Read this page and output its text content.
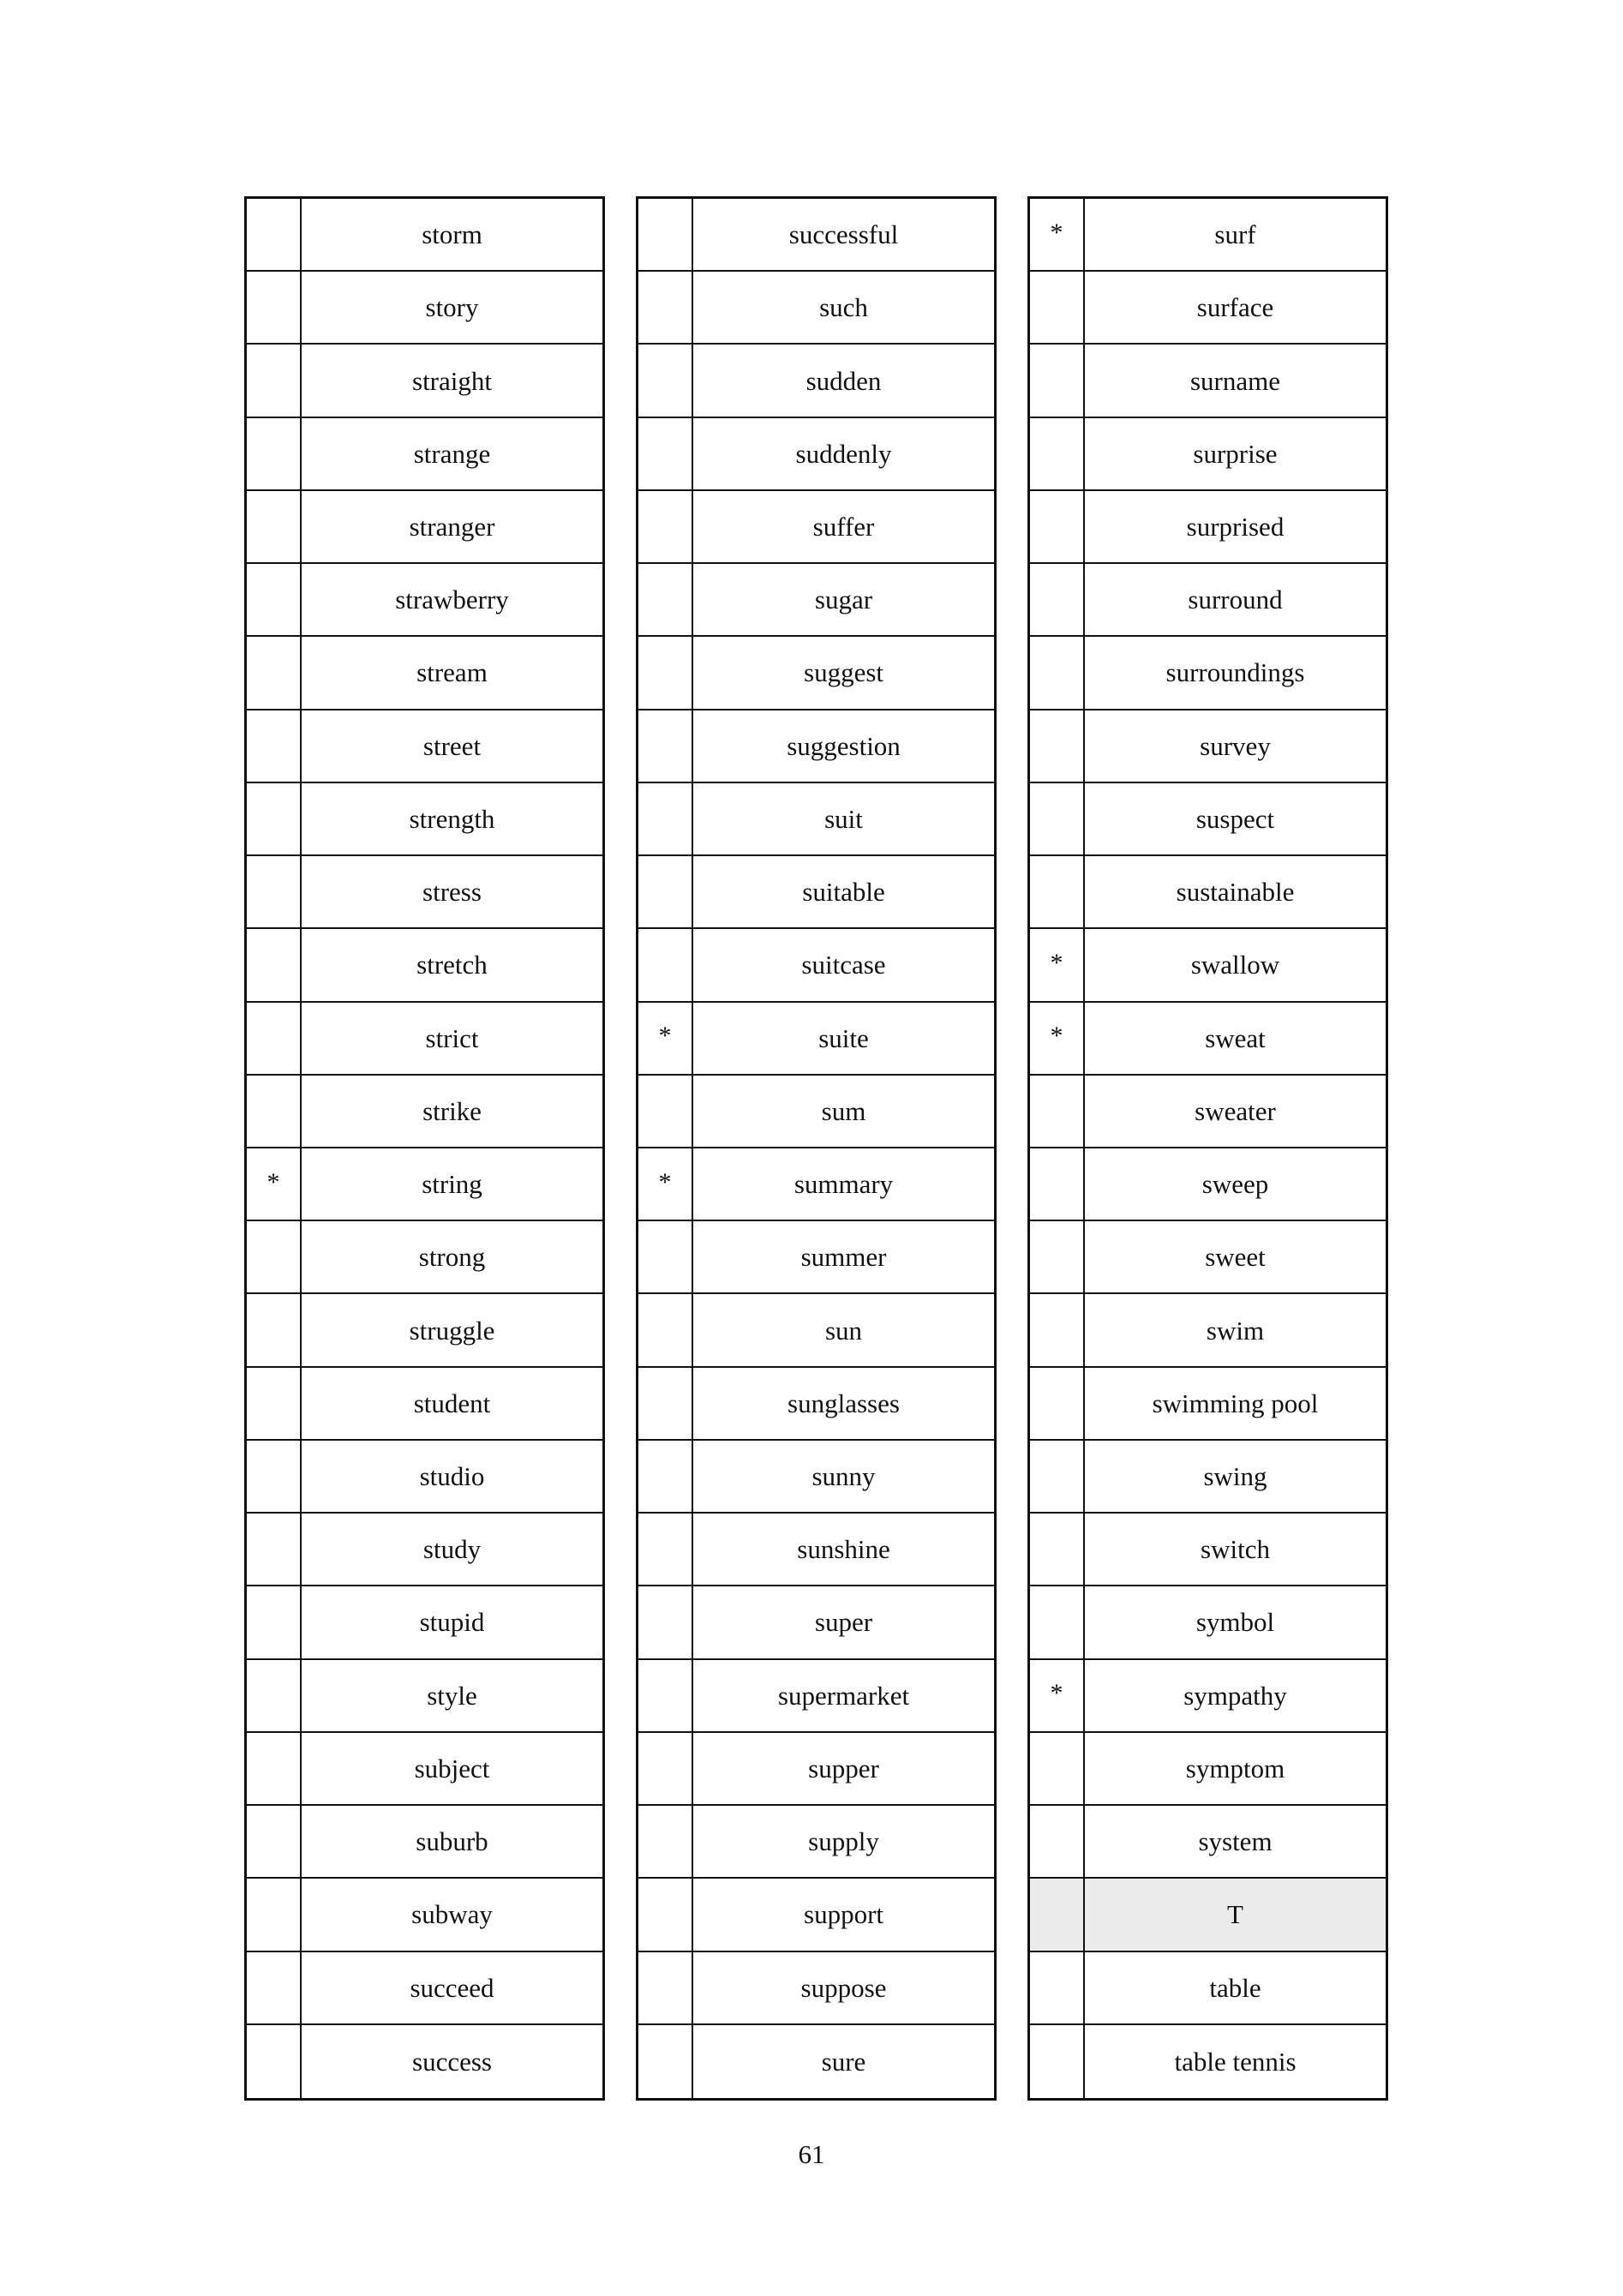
storm
story
straight
strange
stranger
strawberry
stream
street
strength
stress
stretch
strict
strike
*	string
strong
struggle
student
studio
study
stupid
style
subject
suburb
subway
succeed
success
successful
such
sudden
suddenly
suffer
sugar
suggest
suggestion
suit
suitable
suitcase
*	suite
sum
*	summary
summer
sun
sunglasses
sunny
sunshine
super
supermarket
supper
supply
support
suppose
sure
*	surf
surface
surname
surprise
surprised
surround
surroundings
survey
suspect
sustainable
*	swallow
*	sweat
sweater
sweep
sweet
swim
swimming pool
swing
switch
symbol
*	sympathy
symptom
system
T
table
table tennis
61
